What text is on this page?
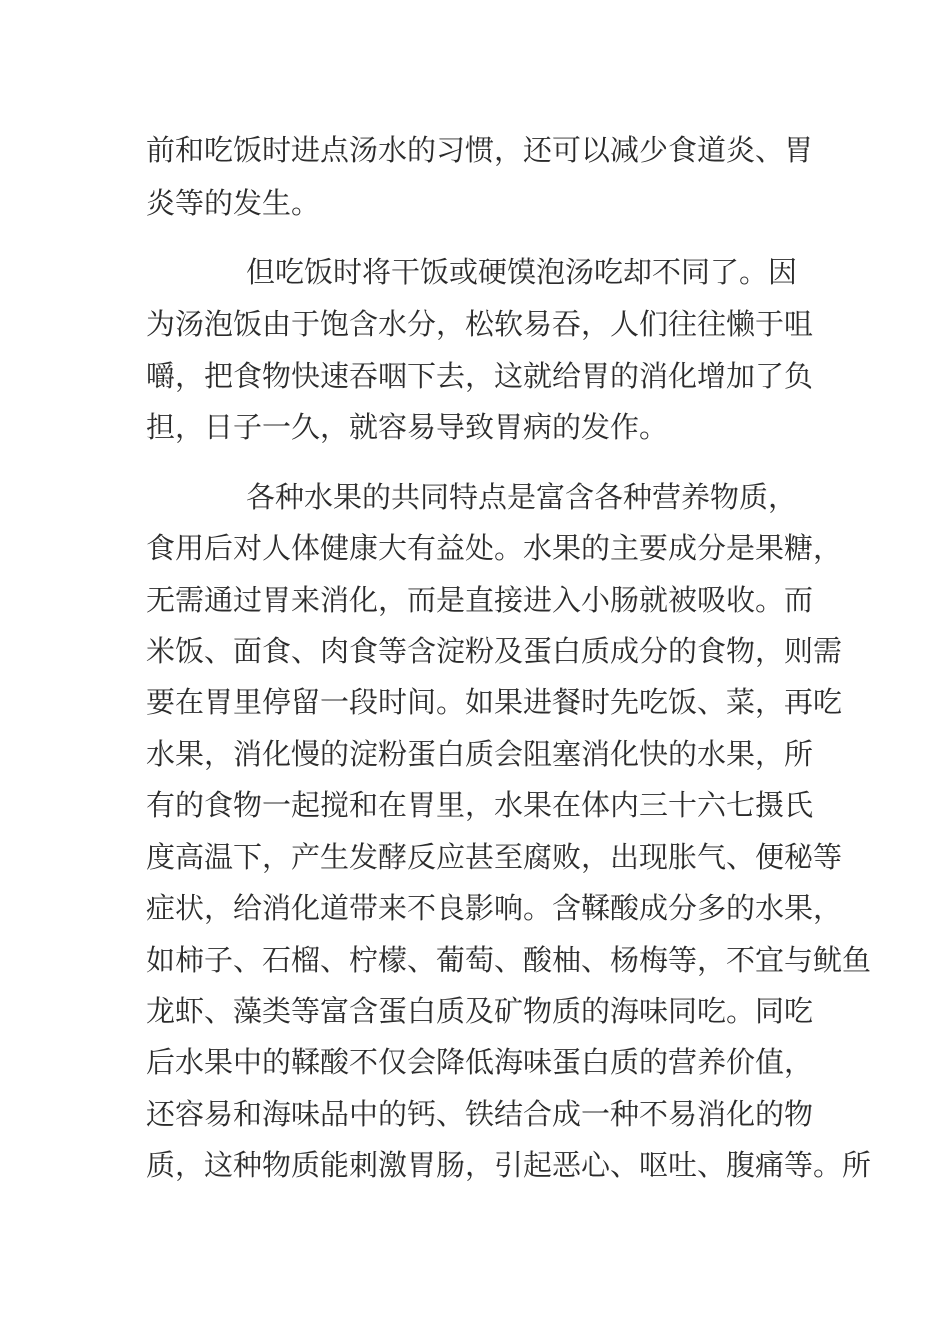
前和吃饭时进点汤水的习惯，还可以减少食道炎、胃
炎等的发生。
但吃饭时将干饭或硬馍泡汤吃却不同了。因
为汤泡饭由于饱含水分，松软易吞，人们往往懒于咀
嚼，把食物快速吞咽下去，这就给胃的消化增加了负
担，日子一久，就容易导致胃病的发作。
各种水果的共同特点是富含各种营养物质，
食用后对人体健康大有益处。水果的主要成分是果糖，
无需通过胃来消化，而是直接进入小肠就被吸收。而
米饭、面食、肉食等含淀粉及蛋白质成分的食物，则需
要在胃里停留一段时间。如果进餐时先吃饭、菜，再吃
水果，消化慢的淀粉蛋白质会阻塞消化快的水果，所
有的食物一起搅和在胃里，水果在体内三十六七摄氏
度高温下，产生发酵反应甚至腐败，出现胀气、便秘等
症状，给消化道带来不良影响。含鞣酸成分多的水果，
如柿子、石榴、柠檬、葡萄、酸柚、杨梅等，不宜与鱿鱼
龙虾、藻类等富含蛋白质及矿物质的海味同吃。同吃
后水果中的鞣酸不仅会降低海味蛋白质的营养价值，
还容易和海味品中的钙、铁结合成一种不易消化的物
质，这种物质能刺激胃肠，引起恶心、呕吐、腹痛等。所
